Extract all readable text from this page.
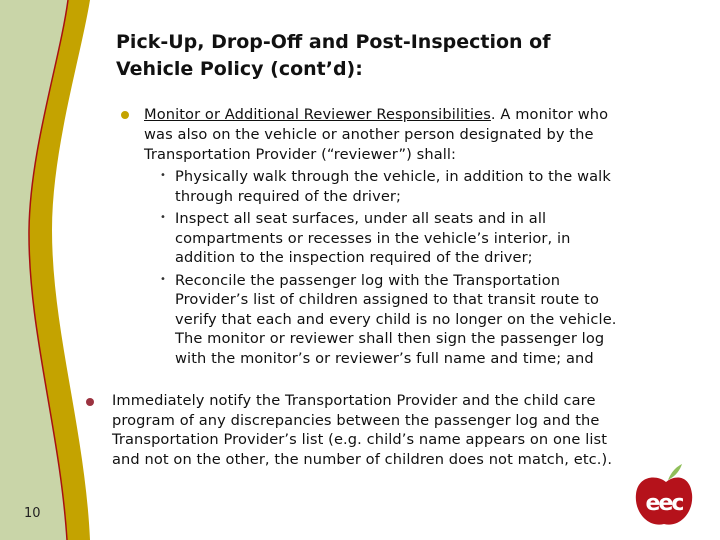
Pick-Up, Drop-Off and Post-Inspection of
Vehicle Policy (cont’d):
Monitor or Additional Reviewer Responsibilities. A monitor who
was also on the vehicle or another person designated by the
Transportation Provider (“reviewer”) shall:
• Physically walk through the vehicle, in addition to the walk
through required of the driver;
• Inspect all seat surfaces, under all seats and in all
compartments or recesses in the vehicle’s interior, in
addition to the inspection required of the driver;
• Reconcile the passenger log with the Transportation
Provider’s list of children assigned to that transit route to
verify that each and every child is no longer on the vehicle.
The monitor or reviewer shall then sign the passenger log
with the monitor’s or reviewer’s full name and time; and
Immediately notify the Transportation Provider and the child care
program of any discrepancies between the passenger log and the
Transportation Provider’s list (e.g. child’s name appears on one list
and not on the other, the number of children does not match, etc.).
10	eec
